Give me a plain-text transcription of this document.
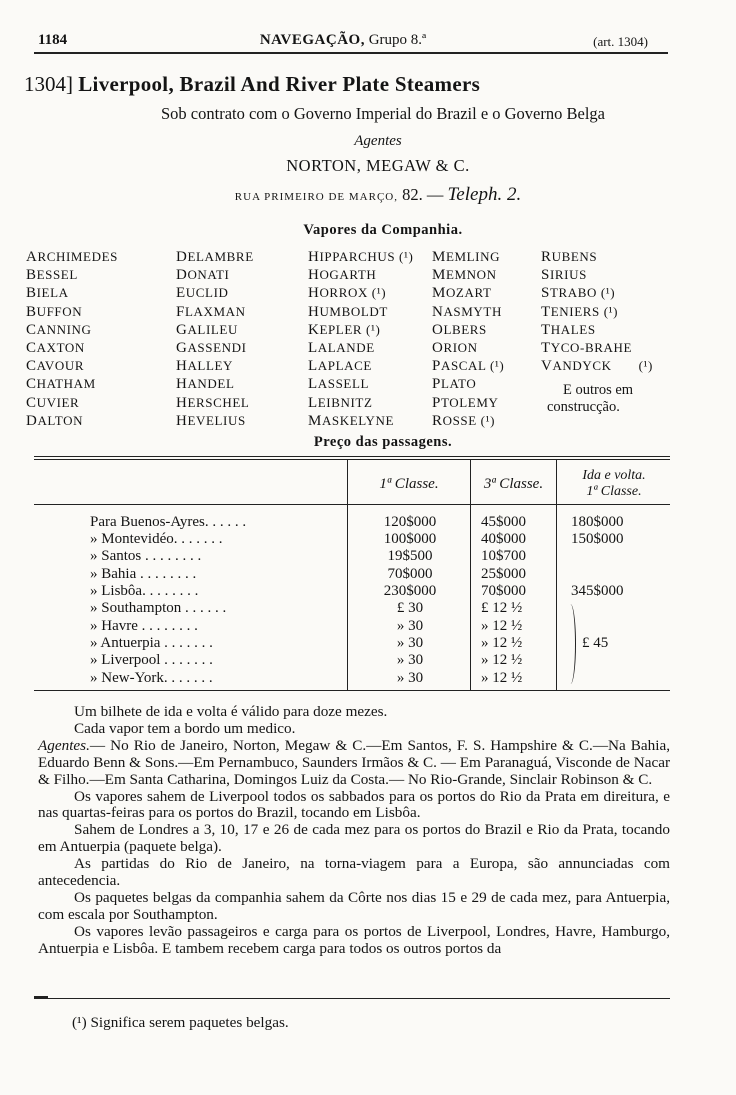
1184	NAVEGAÇÃO, Grupo 8.ª	(art. 1304)
1304] Liverpool, Brazil And River Plate Steamers
Sob contrato com o Governo Imperial do Brazil e o Governo Belga
Agentes
NORTON, MEGAW & C.
RUA PRIMEIRO DE MARÇO, 82. — Teleph. 2.
Vapores da Companhia.
ARCHIMEDES
BESSEL
BIELA
BUFFON
CANNING
CAXTON
CAVOUR
CHATHAM
CUVIER
DALTON
DELAMBRE
DONATI
EUCLID
FLAXMAN
GALILEU
GASSENDI
HALLEY
HANDEL
HERSCHEL
HEVELIUS
HIPPARCHUS (¹)
HOGARTH
HORROX (¹)
HUMBOLDT
KEPLER (¹)
LALANDE
LAPLACE
LASSELL
LEIBNITZ
MASKELYNE
MEMLING
MEMNON
MOZART
NASMYTH
OLBERS
ORION
PASCAL (¹)
PLATO
PTOLEMY
ROSSE (¹)
RUBENS
SIRIUS
STRABO (¹)
TENIERS (¹)
THALES
TYCO-BRAHE
VANDYCK       (¹)
E outros em
construcção.
Preço das passagens.
1ª Classe.	3ª Classe.
Ida e volta.
1ª Classe.
Para Buenos-Ayres. . . . . .	120$000	45$000	180$000
» Montevidéo. . . . . . .	100$000	40$000	150$000
» Santos . . . . . . . .	19$500	10$700
» Bahia . . . . . . . .	70$000	25$000
» Lisbôa. . . . . . . .	230$000	70$000	345$000
» Southampton . . . . . .	£ 30	£ 12 ½
» Havre . . . . . . . .	» 30	» 12 ½
» Antuerpia . . . . . . .	» 30	» 12 ½	£ 45
» Liverpool . . . . . . .	» 30	» 12 ½
» New-York. . . . . . .	» 30	» 12 ½

Um bilhete de ida e volta é válido para doze mezes.

Cada vapor tem a bordo um medico.

Agentes.— No Rio de Janeiro, Norton, Megaw & C.—Em Santos, F. S. Hampshire & C.—Na Bahia, Eduardo Benn & Sons.—Em Pernambuco, Saunders Irmãos & C. — Em Paranaguá, Visconde de Nacar & Filho.—Em Santa Catharina, Domingos Luiz da Costa.— No Rio-Grande, Sinclair Robinson & C.

Os vapores sahem de Liverpool todos os sabbados para os portos do Rio da Prata em direitura, e nas quartas-feiras para os portos do Brazil, tocando em Lisbôa.

Sahem de Londres a 3, 10, 17 e 26 de cada mez para os portos do Brazil e Rio da Prata, tocando em Antuerpia (paquete belga).

As partidas do Rio de Janeiro, na torna-viagem para a Europa, são annunciadas com antecedencia.

Os paquetes belgas da companhia sahem da Côrte nos dias 15 e 29 de cada mez, para Antuerpia, com escala por Southampton.

Os vapores levão passageiros e carga para os portos de Liverpool, Londres, Havre, Hamburgo, Antuerpia e Lisbôa. E tambem recebem carga para todos os outros portos da

(¹) Significa serem paquetes belgas.
